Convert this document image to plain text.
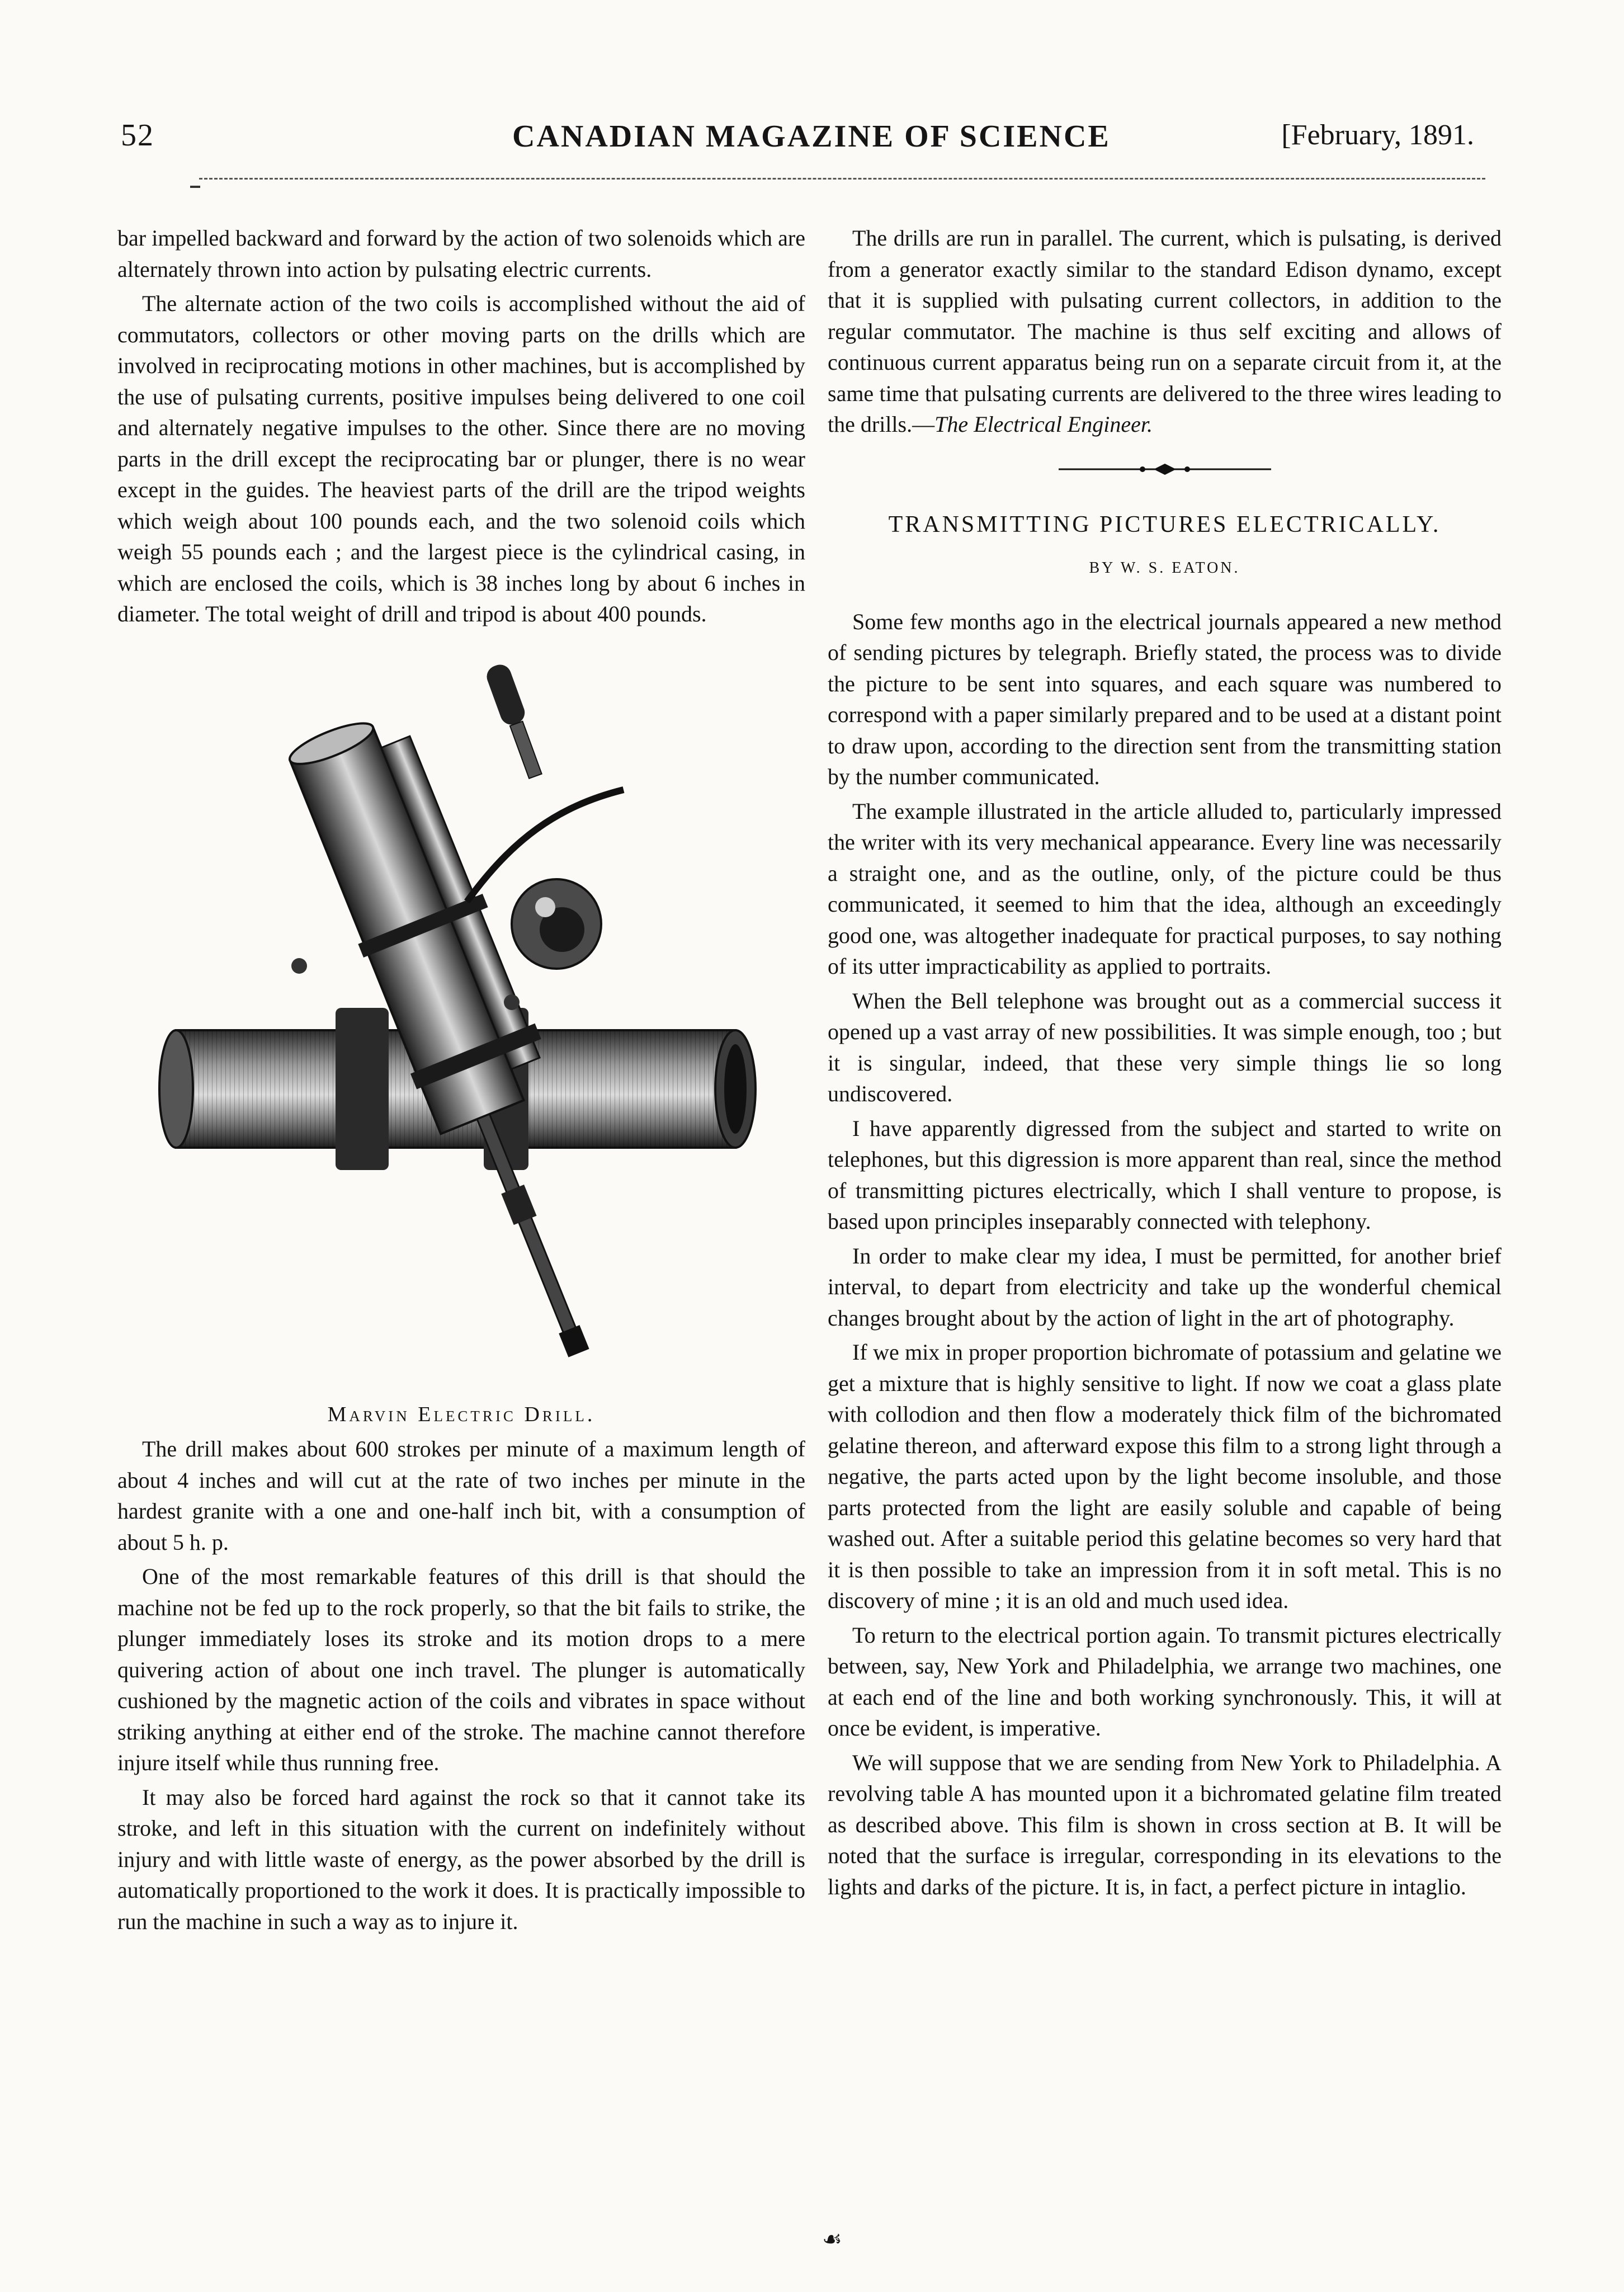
52	CANADIAN MAGAZINE OF SCIENCE	[February, 1891.

bar impelled backward and forward by the action of two solenoids which are alternately thrown into action by pulsating electric currents.

The alternate action of the two coils is accomplished without the aid of commutators, collectors or other moving parts on the drills which are involved in reciprocating motions in other machines, but is accomplished by the use of pulsating currents, positive impulses being delivered to one coil and alternately negative impulses to the other. Since there are no moving parts in the drill except the reciprocating bar or plunger, there is no wear except in the guides. The heaviest parts of the drill are the tripod weights which weigh about 100 pounds each, and the two solenoid coils which weigh 55 pounds each ; and the largest piece is the cylindrical casing, in which are enclosed the coils, which is 38 inches long by about 6 inches in diameter. The total weight of drill and tripod is about 400 pounds.

Marvin Electric Drill.

The drill makes about 600 strokes per minute of a maximum length of about 4 inches and will cut at the rate of two inches per minute in the hardest granite with a one and one-half inch bit, with a consumption of about 5 h. p.

One of the most remarkable features of this drill is that should the machine not be fed up to the rock properly, so that the bit fails to strike, the plunger immediately loses its stroke and its motion drops to a mere quivering action of about one inch travel. The plunger is automatically cushioned by the magnetic action of the coils and vibrates in space without striking anything at either end of the stroke. The machine cannot therefore injure itself while thus running free.

It may also be forced hard against the rock so that it cannot take its stroke, and left in this situation with the current on indefinitely without injury and with little waste of energy, as the power absorbed by the drill is automatically proportioned to the work it does. It is practically impossible to run the machine in such a way as to injure it.

The drills are run in parallel. The current, which is pulsating, is derived from a generator exactly similar to the standard Edison dynamo, except that it is supplied with pulsating current collectors, in addition to the regular commutator. The machine is thus self exciting and allows of continuous current apparatus being run on a separate circuit from it, at the same time that pulsating currents are delivered to the three wires leading to the drills.—The Electrical Engineer.

TRANSMITTING PICTURES ELECTRICALLY.
BY W. S. EATON.

Some few months ago in the electrical journals appeared a new method of sending pictures by telegraph. Briefly stated, the process was to divide the picture to be sent into squares, and each square was numbered to correspond with a paper similarly prepared and to be used at a distant point to draw upon, according to the direction sent from the transmitting station by the number communicated.

The example illustrated in the article alluded to, particularly impressed the writer with its very mechanical appearance. Every line was necessarily a straight one, and as the outline, only, of the picture could be thus communicated, it seemed to him that the idea, although an exceedingly good one, was altogether inadequate for practical purposes, to say nothing of its utter impracticability as applied to portraits.

When the Bell telephone was brought out as a commercial success it opened up a vast array of new possibilities. It was simple enough, too ; but it is singular, indeed, that these very simple things lie so long undiscovered.

I have apparently digressed from the subject and started to write on telephones, but this digression is more apparent than real, since the method of transmitting pictures electrically, which I shall venture to propose, is based upon principles inseparably connected with telephony.

In order to make clear my idea, I must be permitted, for another brief interval, to depart from electricity and take up the wonderful chemical changes brought about by the action of light in the art of photography.

If we mix in proper proportion bichromate of potassium and gelatine we get a mixture that is highly sensitive to light. If now we coat a glass plate with collodion and then flow a moderately thick film of the bichromated gelatine thereon, and afterward expose this film to a strong light through a negative, the parts acted upon by the light become insoluble, and those parts protected from the light are easily soluble and capable of being washed out. After a suitable period this gelatine becomes so very hard that it is then possible to take an impression from it in soft metal. This is no discovery of mine ; it is an old and much used idea.

To return to the electrical portion again. To transmit pictures electrically between, say, New York and Philadelphia, we arrange two machines, one at each end of the line and both working synchronously. This, it will at once be evident, is imperative.

We will suppose that we are sending from New York to Philadelphia. A revolving table A has mounted upon it a bichromated gelatine film treated as described above. This film is shown in cross section at B. It will be noted that the surface is irregular, corresponding in its elevations to the lights and darks of the picture. It is, in fact, a perfect picture in intaglio.

☙
